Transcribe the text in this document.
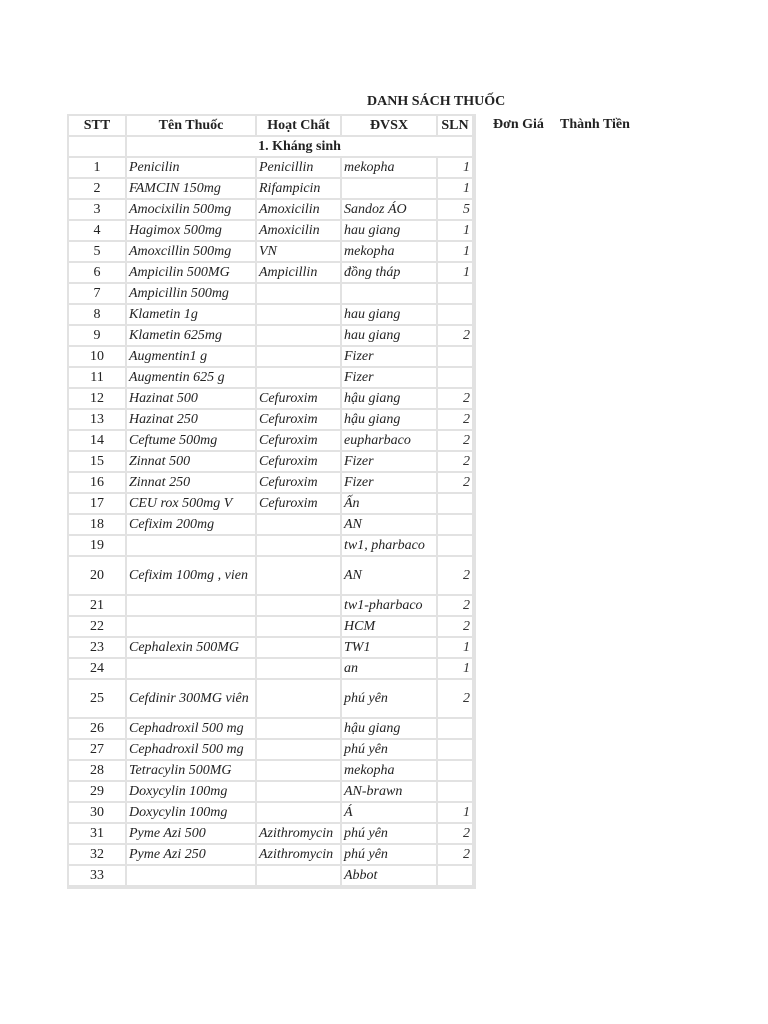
DANH SÁCH THUỐC
Đơn Giá Thành Tiền
STT	Tên Thuốc	Hoạt Chất	ĐVSX	SLN
	1. Kháng sinh			
1	Penicilin	Penicillin	mekopha	1
2	FAMCIN 150mg	Rifampicin		1
3	Amocixilin 500mg	Amoxicilin	Sandoz ÁO	5
4	Hagimox 500mg	Amoxicilin	hau giang	1
5	Amoxcillin 500mg	VN	mekopha	1
6	Ampicilin 500MG	Ampicillin	đồng tháp	1
7	Ampicillin 500mg			
8	Klametin 1g		hau giang	
9	Klametin 625mg		hau giang	2
10	Augmentin1 g		Fizer	
11	Augmentin 625 g		Fizer	
12	Hazinat 500	Cefuroxim	hậu giang	2
13	Hazinat 250	Cefuroxim	hậu giang	2
14	Ceftume 500mg	Cefuroxim	eupharbaco	2
15	Zinnat 500	Cefuroxim	Fizer	2
16	Zinnat 250	Cefuroxim	Fizer	2
17	CEU rox 500mg V	Cefuroxim	Ấn	
18	Cefixim 200mg		AN	
19			tw1, pharbaco	
20	Cefixim 100mg , vien		AN	2
21			tw1-pharbaco	2
22			HCM	2
23	Cephalexin 500MG		TW1	1
24			an	1
25	Cefdinir 300MG viên		phú yên	2
26	Cephadroxil 500 mg		hậu giang	
27	Cephadroxil 500 mg		phú yên	
28	Tetracylin 500MG		mekopha	
29	Doxycylin 100mg		AN-brawn	
30	Doxycylin 100mg		Á	1
31	Pyme Azi 500	Azithromycin	phú yên	2
32	Pyme Azi 250	Azithromycin	phú yên	2
33			Abbot	
